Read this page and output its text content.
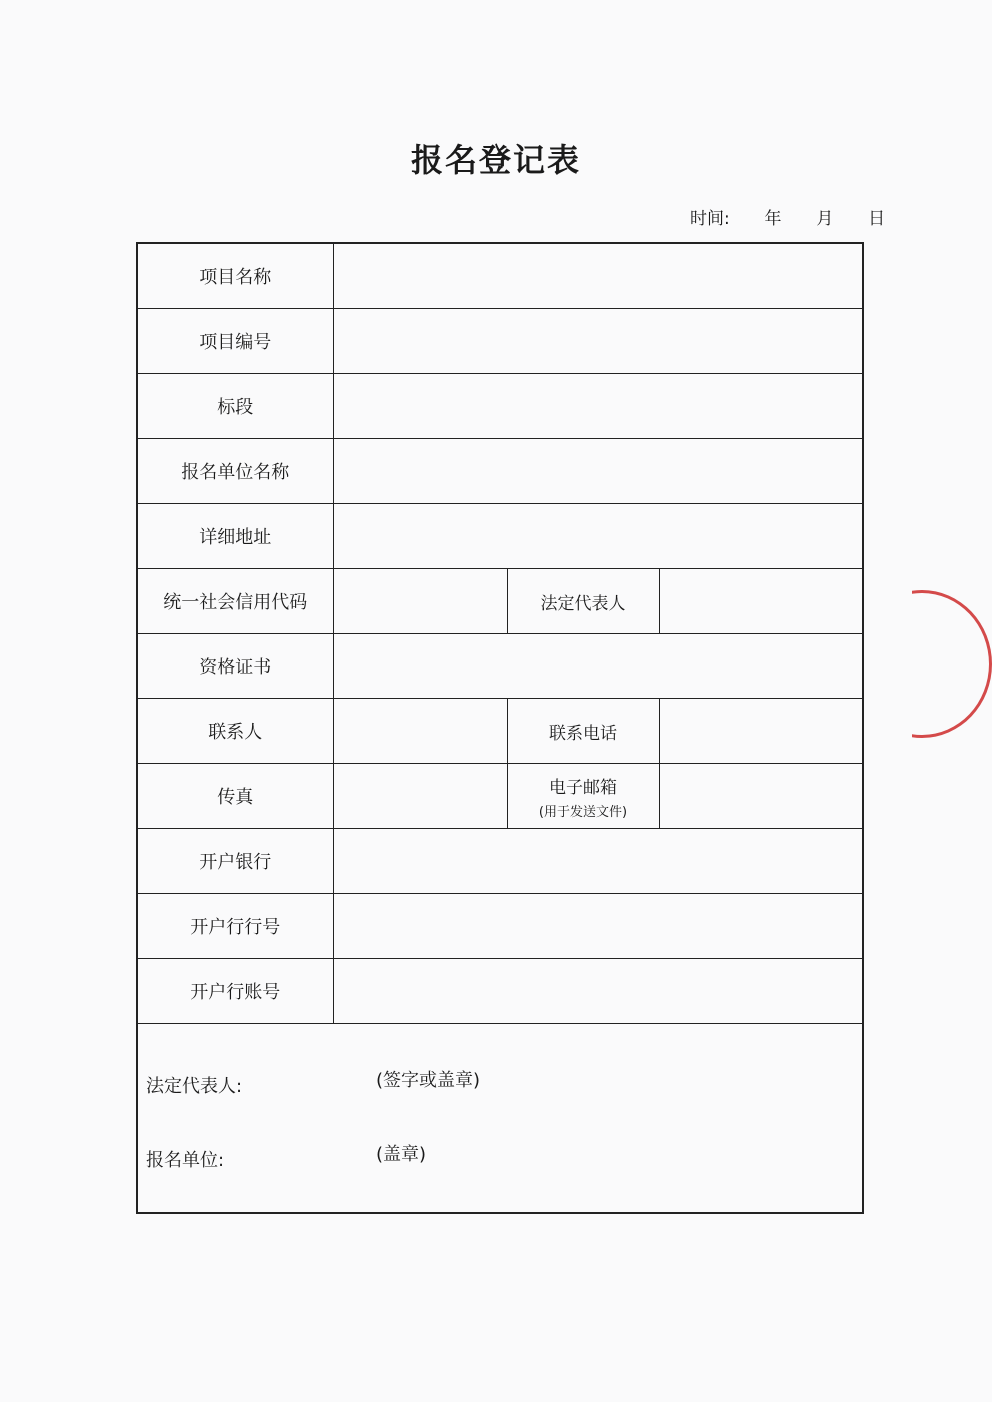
报名登记表
时间: 年 月 日
项目名称			
项目编号			
标段			
报名单位名称			
详细地址			
统一社会信用代码		法定代表人	
资格证书			
联系人		联系电话	
传真		电子邮箱
(用于发送文件)	

开户银行			
开户行行号			
开户行账号			

法定代表人: (签字或盖章)
报名单位: (盖章)			
